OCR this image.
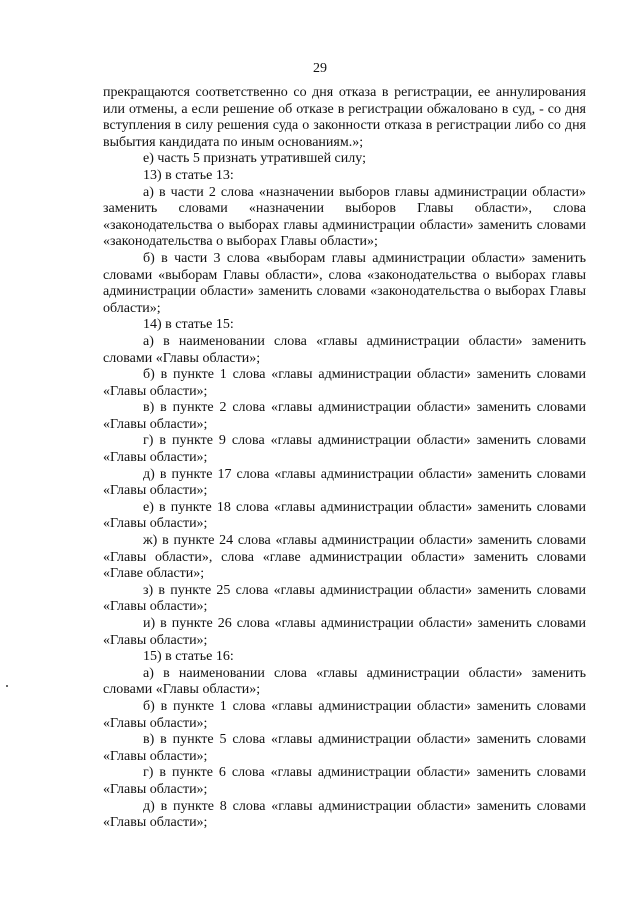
29

прекращаются соответственно со дня отказа в регистрации, ее аннулирования или отмены, а если решение об отказе в регистрации обжаловано в суд, - со дня вступления в силу решения суда о законности отказа в регистрации либо со дня выбытия кандидата по иным основаниям.»;

е) часть 5 признать утратившей силу;

13) в статье 13:

а) в части 2 слова «назначении выборов главы администрации области» заменить словами «назначении выборов Главы области», слова «законодательства о выборах главы администрации области» заменить словами «законодательства о выборах Главы области»;

б) в части 3 слова «выборам главы администрации области» заменить словами «выборам Главы области», слова «законодательства о выборах главы администрации области» заменить словами «законодательства о выборах Главы области»;

14) в статье 15:

а) в наименовании слова «главы администрации области» заменить словами «Главы области»;

б) в пункте 1 слова «главы администрации области» заменить словами «Главы области»;

в) в пункте 2 слова «главы администрации области» заменить словами «Главы области»;

г) в пункте 9 слова «главы администрации области» заменить словами «Главы области»;

д) в пункте 17 слова «главы администрации области» заменить словами «Главы области»;

е) в пункте 18 слова «главы администрации области» заменить словами «Главы области»;

ж) в пункте 24 слова «главы администрации области» заменить словами «Главы области», слова «главе администрации области» заменить словами «Главе области»;

з) в пункте 25 слова «главы администрации области» заменить словами «Главы области»;

и) в пункте 26 слова «главы администрации области» заменить словами «Главы области»;

15) в статье 16:

а) в наименовании слова «главы администрации области» заменить словами «Главы области»;

б) в пункте 1 слова «главы администрации области» заменить словами «Главы области»;

в) в пункте 5 слова «главы администрации области» заменить словами «Главы области»;

г) в пункте 6 слова «главы администрации области» заменить словами «Главы области»;

д) в пункте 8 слова «главы администрации области» заменить словами «Главы области»;
